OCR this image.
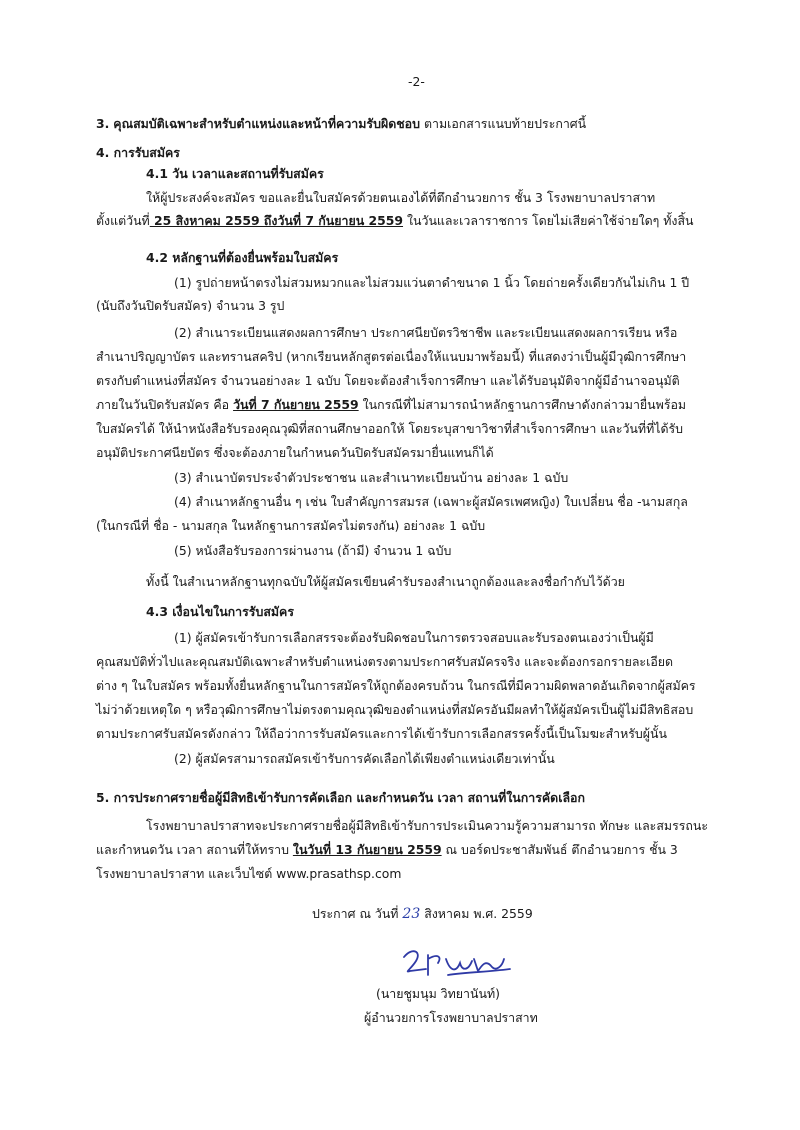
-2-
3. คุณสมบัติเฉพาะสำหรับตำแหน่งและหน้าที่ความรับผิดชอบ ตามเอกสารแนบท้ายประกาศนี้
4. การรับสมัคร
4.1 วัน เวลาและสถานที่รับสมัคร
ให้ผู้ประสงค์จะสมัคร ขอและยื่นใบสมัครด้วยตนเองได้ที่ตึกอำนวยการ ชั้น 3 โรงพยาบาลปราสาท
ตั้งแต่วันที่ 25 สิงหาคม 2559 ถึงวันที่ 7 กันยายน 2559 ในวันและเวลาราชการ โดยไม่เสียค่าใช้จ่ายใดๆ ทั้งสิ้น
4.2 หลักฐานที่ต้องยื่นพร้อมใบสมัคร
(1) รูปถ่ายหน้าตรงไม่สวมหมวกและไม่สวมแว่นตาดำขนาด 1 นิ้ว โดยถ่ายครั้งเดียวกันไม่เกิน 1 ปี
(นับถึงวันปิดรับสมัคร) จำนวน 3 รูป
(2) สำเนาระเบียนแสดงผลการศึกษา ประกาศนียบัตรวิชาชีพ และระเบียนแสดงผลการเรียน หรือ
สำเนาปริญญาบัตร และทรานสคริป (หากเรียนหลักสูตรต่อเนื่องให้แนบมาพร้อมนี้) ที่แสดงว่าเป็นผู้มีวุฒิการศึกษา
ตรงกับตำแหน่งที่สมัคร จำนวนอย่างละ 1 ฉบับ โดยจะต้องสำเร็จการศึกษา และได้รับอนุมัติจากผู้มีอำนาจอนุมัติ
ภายในวันปิดรับสมัคร คือ วันที่ 7 กันยายน 2559 ในกรณีที่ไม่สามารถนำหลักฐานการศึกษาดังกล่าวมายื่นพร้อม
ใบสมัครได้ ให้นำหนังสือรับรองคุณวุฒิที่สถานศึกษาออกให้ โดยระบุสาขาวิชาที่สำเร็จการศึกษา และวันที่ที่ได้รับ
อนุมัติประกาศนียบัตร ซึ่งจะต้องภายในกำหนดวันปิดรับสมัครมายื่นแทนก็ได้
(3) สำเนาบัตรประจำตัวประชาชน และสำเนาทะเบียนบ้าน อย่างละ 1 ฉบับ
(4) สำเนาหลักฐานอื่น ๆ เช่น ใบสำคัญการสมรส (เฉพาะผู้สมัครเพศหญิง) ใบเปลี่ยน ชื่อ -นามสกุล
(ในกรณีที่ ชื่อ - นามสกุล ในหลักฐานการสมัครไม่ตรงกัน) อย่างละ 1 ฉบับ
(5) หนังสือรับรองการผ่านงาน (ถ้ามี) จำนวน 1 ฉบับ
ทั้งนี้ ในสำเนาหลักฐานทุกฉบับให้ผู้สมัครเขียนคำรับรองสำเนาถูกต้องและลงชื่อกำกับไว้ด้วย
4.3 เงื่อนไขในการรับสมัคร
(1) ผู้สมัครเข้ารับการเลือกสรรจะต้องรับผิดชอบในการตรวจสอบและรับรองตนเองว่าเป็นผู้มี
คุณสมบัติทั่วไปและคุณสมบัติเฉพาะสำหรับตำแหน่งตรงตามประกาศรับสมัครจริง และจะต้องกรอกรายละเอียด
ต่าง ๆ ในใบสมัคร พร้อมทั้งยื่นหลักฐานในการสมัครให้ถูกต้องครบถ้วน ในกรณีที่มีความผิดพลาดอันเกิดจากผู้สมัคร
ไม่ว่าด้วยเหตุใด ๆ หรือวุฒิการศึกษาไม่ตรงตามคุณวุฒิของตำแหน่งที่สมัครอันมีผลทำให้ผู้สมัครเป็นผู้ไม่มีสิทธิสอบ
ตามประกาศรับสมัครดังกล่าว ให้ถือว่าการรับสมัครและการได้เข้ารับการเลือกสรรครั้งนี้เป็นโมฆะสำหรับผู้นั้น
(2) ผู้สมัครสามารถสมัครเข้ารับการคัดเลือกได้เพียงตำแหน่งเดียวเท่านั้น
5. การประกาศรายชื่อผู้มีสิทธิเข้ารับการคัดเลือก และกำหนดวัน เวลา สถานที่ในการคัดเลือก
โรงพยาบาลปราสาทจะประกาศรายชื่อผู้มีสิทธิเข้ารับการประเมินความรู้ความสามารถ ทักษะ และสมรรถนะ
และกำหนดวัน เวลา สถานที่ให้ทราบ ในวันที่ 13 กันยายน 2559 ณ บอร์ดประชาสัมพันธ์ ตึกอำนวยการ ชั้น 3
โรงพยาบาลปราสาท และเว็บไซต์ www.prasathsp.com
ประกาศ ณ วันที่ 23 สิงหาคม พ.ศ. 2559
(นายชูมนุม วิทยานันท์)
ผู้อำนวยการโรงพยาบาลปราสาท
